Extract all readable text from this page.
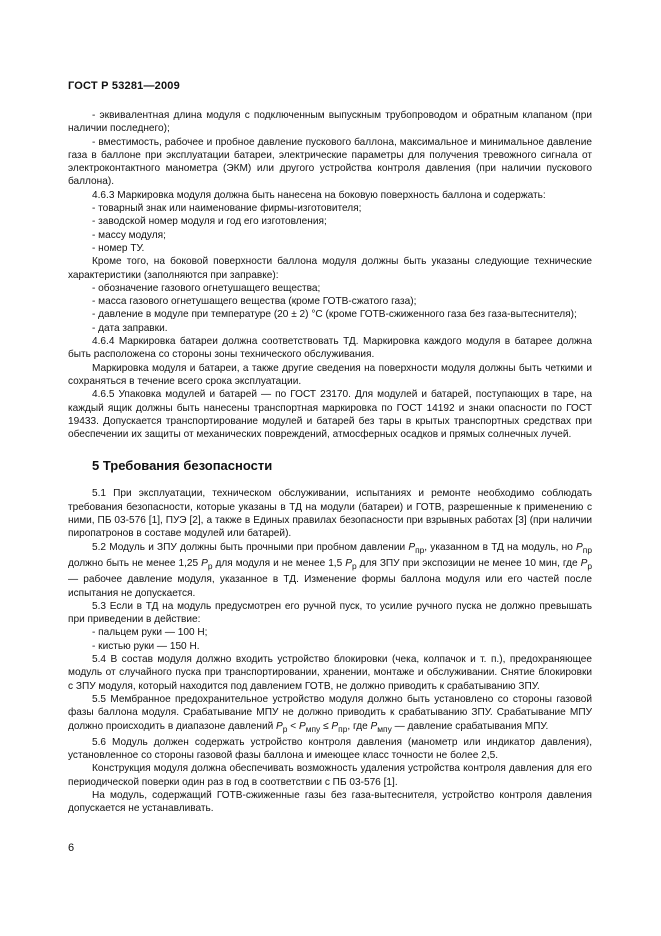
ГОСТ Р 53281—2009

- эквивалентная длина модуля с подключенным выпускным трубопроводом и обратным клапаном (при наличии последнего);

- вместимость, рабочее и пробное давление пускового баллона, максимальное и минимальное давление газа в баллоне при эксплуатации батареи, электрические параметры для получения тревожного сигнала от электроконтактного манометра (ЭКМ) или другого устройства контроля давления (при наличии пускового баллона).

4.6.3 Маркировка модуля должна быть нанесена на боковую поверхность баллона и содержать:

- товарный знак или наименование фирмы-изготовителя;

- заводской номер модуля и год его изготовления;

- массу модуля;

- номер ТУ.

Кроме того, на боковой поверхности баллона модуля должны быть указаны следующие технические характеристики (заполняются при заправке):

- обозначение газового огнетушащего вещества;

- масса газового огнетушащего вещества (кроме ГОТВ-сжатого газа);

- давление в модуле при температуре (20 ± 2) °С (кроме ГОТВ-сжиженного газа без газа-вытеснителя);

- дата заправки.

4.6.4 Маркировка батареи должна соответствовать ТД. Маркировка каждого модуля в батарее должна быть расположена со стороны зоны технического обслуживания.

Маркировка модуля и батареи, а также другие сведения на поверхности модуля должны быть четкими и сохраняться в течение всего срока эксплуатации.

4.6.5 Упаковка модулей и батарей — по ГОСТ 23170. Для модулей и батарей, поступающих в таре, на каждый ящик должны быть нанесены транспортная маркировка по ГОСТ 14192 и знаки опасности по ГОСТ 19433. Допускается транспортирование модулей и батарей без тары в крытых транспортных средствах при обеспечении их защиты от механических повреждений, атмосферных осадков и прямых солнечных лучей.

5 Требования безопасности

5.1 При эксплуатации, техническом обслуживании, испытаниях и ремонте необходимо соблюдать требования безопасности, которые указаны в ТД на модули (батареи) и ГОТВ, разрешенные к применению с ними, ПБ 03-576 [1], ПУЭ [2], а также в Единых правилах безопасности при взрывных работах [3] (при наличии пиропатронов в составе модулей или батарей).

5.2 Модуль и ЗПУ должны быть прочными при пробном давлении $P_{пр}$, указанном в ТД на модуль, но $P_{пр}$ должно быть не менее 1,25 $P_р$ для модуля и не менее 1,5 $P_р$ для ЗПУ при экспозиции не менее 10 мин, где $P_р$ — рабочее давление модуля, указанное в ТД. Изменение формы баллона модуля или его частей после испытания не допускается.

5.3 Если в ТД на модуль предусмотрен его ручной пуск, то усилие ручного пуска не должно превышать при приведении в действие:

- пальцем руки — 100 Н;

- кистью руки — 150 Н.

5.4 В состав модуля должно входить устройство блокировки (чека, колпачок и т. п.), предохраняющее модуль от случайного пуска при транспортировании, хранении, монтаже и обслуживании. Снятие блокировки с ЗПУ модуля, который находится под давлением ГОТВ, не должно приводить к срабатыванию ЗПУ.

5.5 Мембранное предохранительное устройство модуля должно быть установлено со стороны газовой фазы баллона модуля. Срабатывание МПУ не должно приводить к срабатыванию ЗПУ. Срабатывание МПУ должно происходить в диапазоне давлений $P_р < P_{мпу} \le P_{пр}$, где $P_{мпу}$ — давление срабатывания МПУ.

5.6 Модуль должен содержать устройство контроля давления (манометр или индикатор давления), установленное со стороны газовой фазы баллона и имеющее класс точности не более 2,5.

Конструкция модуля должна обеспечивать возможность удаления устройства контроля давления для его периодической поверки один раз в год в соответствии с ПБ 03-576 [1].

На модуль, содержащий ГОТВ-сжиженные газы без газа-вытеснителя, устройство контроля давления допускается не устанавливать.

6
